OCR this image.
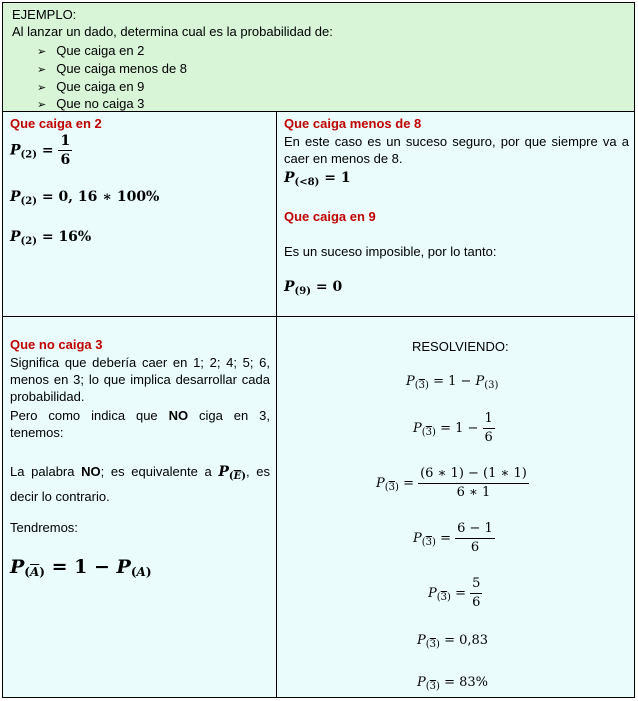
EJEMPLO:
Al lanzar un dado, determina cual es la probabilidad de:
➢ Que caiga en 2
➢ Que caiga menos de 8
➢ Que caiga en 9
➢ Que no caiga 3
Que caiga en 2
$P_{(2)} = \frac{1}{6}$
$P_{(2)} = 0$, 16 ∗ 100%
$P_{(2)} = 16\%$
Que caiga menos de 8
En este caso es un suceso seguro, por que siempre va a caer en menos de 8.
$P_{(<8)} = 1$
Que caiga en 9
Es un suceso imposible, por lo tanto:
$P_{(9)} = 0$
Que no caiga 3
Significa que debería caer en 1; 2; 4; 5; 6, menos en 3; lo que implica desarrollar cada probabilidad.
Pero como indica que NO ciga en 3, tenemos:
La palabra NO; es equivalente a $P_{(\overline{E})}$, es decir lo contrario.
Tendremos:
$P_{(\overline{A})} = 1 - P_{(A)}$
RESOLVIENDO:
$P_{(3)} = 1 - P_{(3)}$
$P_{(3)} = 1 - \frac{1}{6}$
$P_{(3)} = \frac{(6 ∗ 1) - (1 ∗ 1)}{6 ∗ 1}$
$P_{(3)} = \frac{6 - 1}{6}$
$P_{(3)} = \frac{5}{6}$
$P_{(3)} = 0,83$
$P_{(3)} = 83\%$
